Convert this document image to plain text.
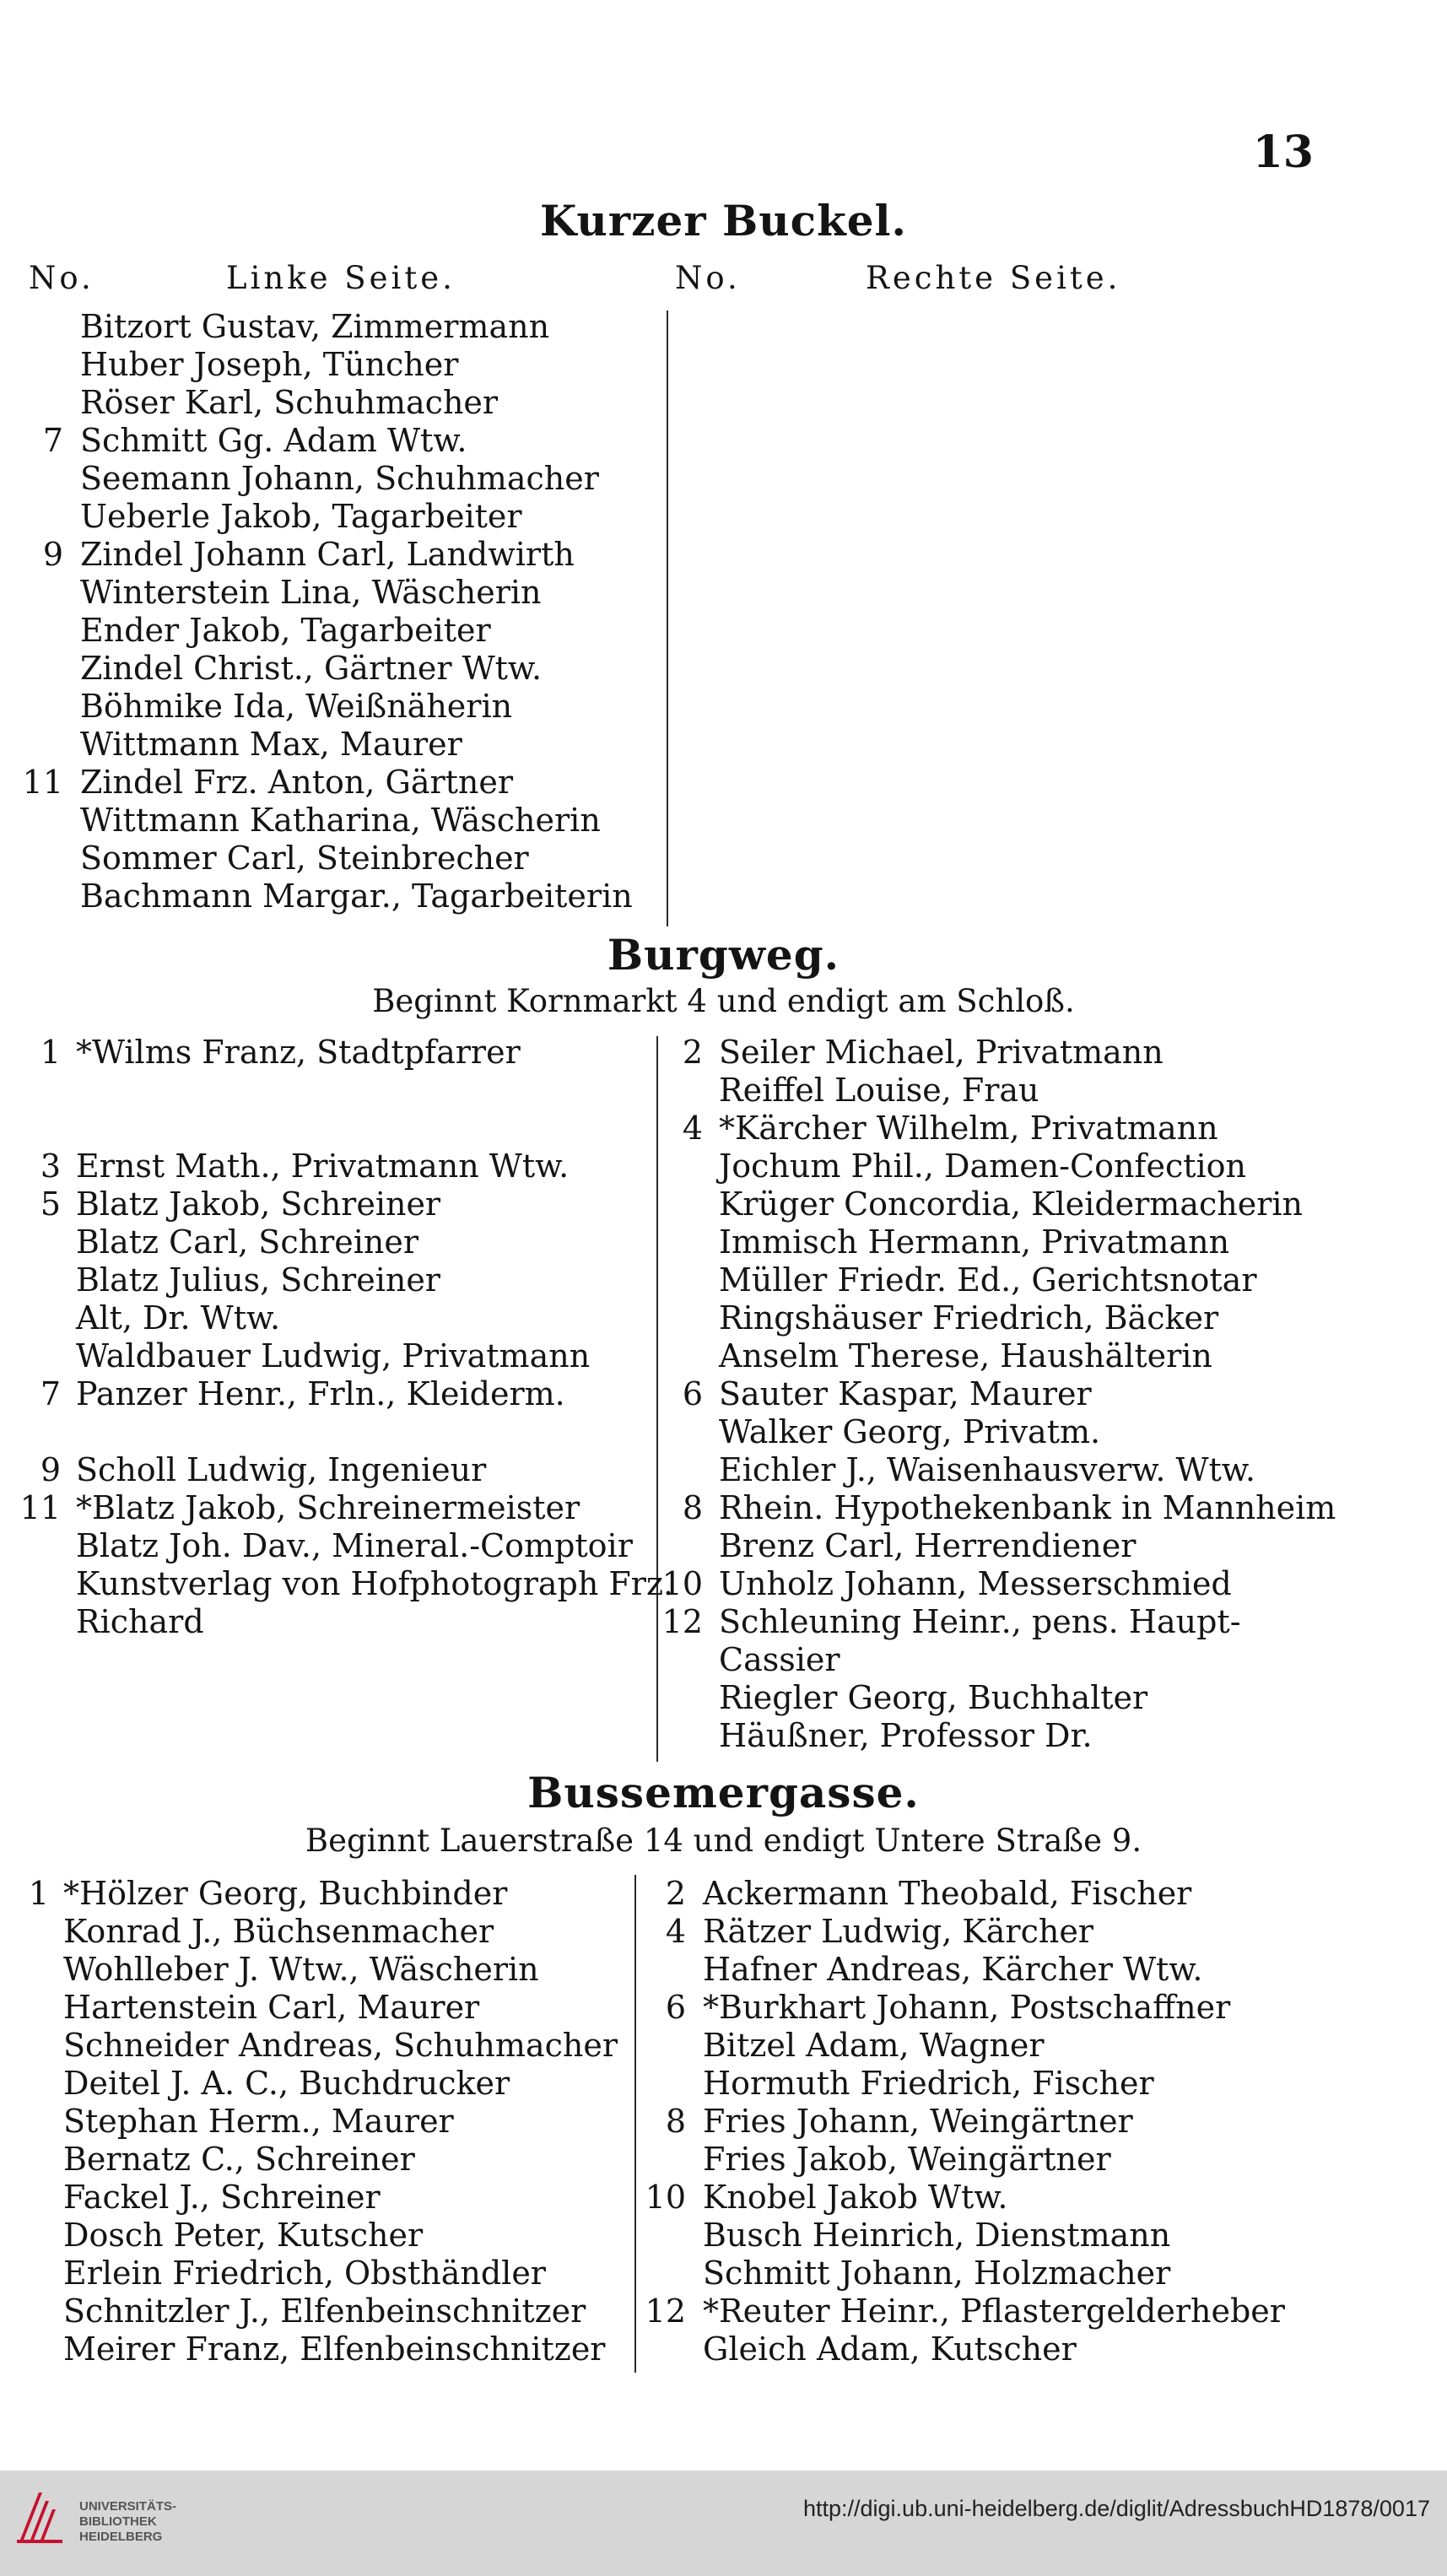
13
Kurzer Buckel.
No.	Linke Seite.	No.	Rechte Seite.
Bitzort Gustav, Zimmermann
Huber Joseph, Tüncher
Röser Karl, Schuhmacher
7 Schmitt Gg. Adam Wtw.
Seemann Johann, Schuhmacher
Ueberle Jakob, Tagarbeiter
9 Zindel Johann Carl, Landwirth
Winterstein Lina, Wäscherin
Ender Jakob, Tagarbeiter
Zindel Christ., Gärtner Wtw.
Böhmike Ida, Weißnäherin
Wittmann Max, Maurer
11 Zindel Frz. Anton, Gärtner
Wittmann Katharina, Wäscherin
Sommer Carl, Steinbrecher
Bachmann Margar., Tagarbeiterin
Burgweg.
Beginnt Kornmarkt 4 und endigt am Schloß.
1 *Wilms Franz, Stadtpfarrer
3 Ernst Math., Privatmann Wtw.
5 Blatz Jakob, Schreiner
Blatz Carl, Schreiner
Blatz Julius, Schreiner
Alt, Dr. Wtw.
Waldbauer Ludwig, Privatmann
7 Panzer Henr., Frln., Kleiderm.
9 Scholl Ludwig, Ingenieur
11 *Blatz Jakob, Schreinermeister
Blatz Joh. Dav., Mineral.-Comptoir
Kunstverlag von Hofphotograph Frz.
Richard
2 Seiler Michael, Privatmann
Reiffel Louise, Frau
4 *Kärcher Wilhelm, Privatmann
Jochum Phil., Damen-Confection
Krüger Concordia, Kleidermacherin
Immisch Hermann, Privatmann
Müller Friedr. Ed., Gerichtsnotar
Ringshäuser Friedrich, Bäcker
Anselm Therese, Haushälterin
6 Sauter Kaspar, Maurer
Walker Georg, Privatm.
Eichler J., Waisenhausverw. Wtw.
8 Rhein. Hypothekenbank in Mannheim
Brenz Carl, Herrendiener
10 Unholz Johann, Messerschmied
12 Schleuning Heinr., pens. Haupt-
Cassier
Riegler Georg, Buchhalter
Häußner, Professor Dr.
Bussemergasse.
Beginnt Lauerstraße 14 und endigt Untere Straße 9.
1 *Hölzer Georg, Buchbinder
Konrad J., Büchsenmacher
Wohlleber J. Wtw., Wäscherin
Hartenstein Carl, Maurer
Schneider Andreas, Schuhmacher
Deitel J. A. C., Buchdrucker
Stephan Herm., Maurer
Bernatz C., Schreiner
Fackel J., Schreiner
Dosch Peter, Kutscher
Erlein Friedrich, Obsthändler
Schnitzler J., Elfenbeinschnitzer
Meirer Franz, Elfenbeinschnitzer
2 Ackermann Theobald, Fischer
4 Rätzer Ludwig, Kärcher
Hafner Andreas, Kärcher Wtw.
6 *Burkhart Johann, Postschaffner
Bitzel Adam, Wagner
Hormuth Friedrich, Fischer
8 Fries Johann, Weingärtner
Fries Jakob, Weingärtner
10 Knobel Jakob Wtw.
Busch Heinrich, Dienstmann
Schmitt Johann, Holzmacher
12 *Reuter Heinr., Pflastergelderheber
Gleich Adam, Kutscher
UNIVERSITÄTS-
BIBLIOTHEK
HEIDELBERG
http://digi.ub.uni-heidelberg.de/diglit/AdressbuchHD1878/0017
